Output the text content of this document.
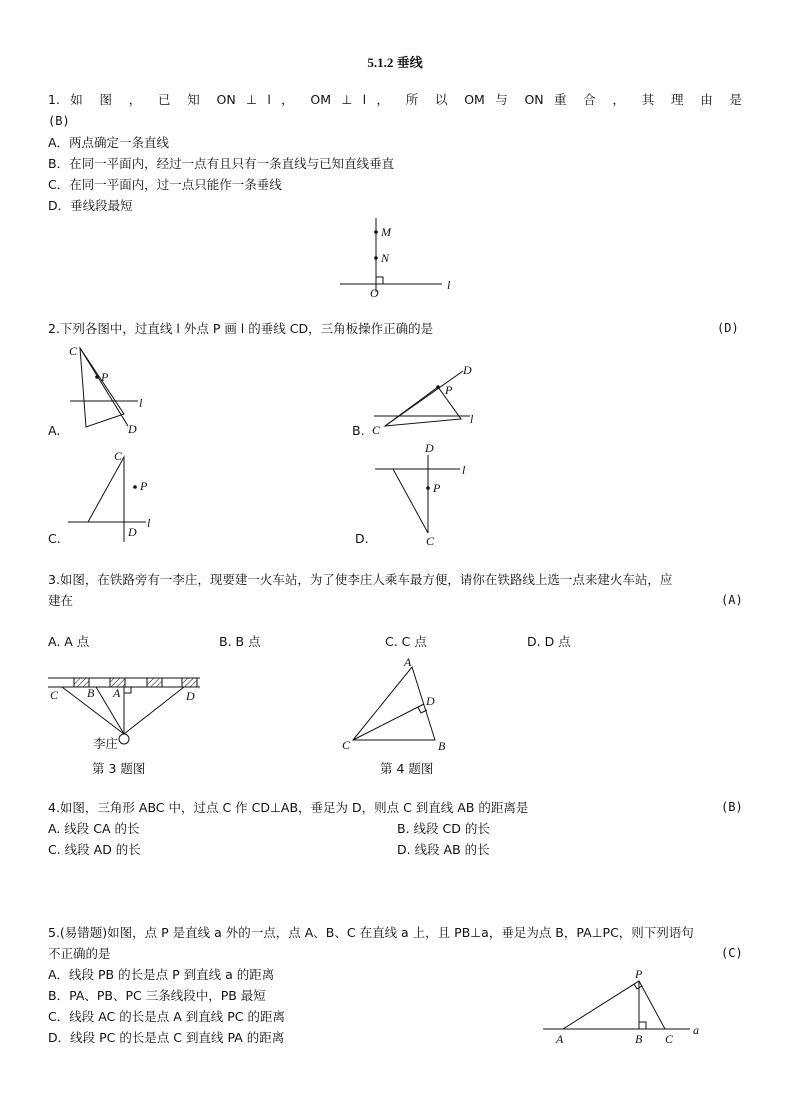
5.1.2 垂线
1. 如 图 ， 已 知 ON ⊥ l ， OM ⊥ l ， 所 以 OM 与 ON 重 合 ， 其 理 由 是
(B)
A．两点确定一条直线
B．在同一平面内，经过一点有且只有一条直线与已知直线垂直
C．在同一平面内，过一点只能作一条垂线
D．垂线段最短
M
N
O
l
2.下列各图中，过直线 l 外点 P 画 l 的垂线 CD，三角板操作正确的是	(D)
C
P
l
D	C
P
l
D
C
P
l
D
D
P
l
C
A.	B.
C.	D.
3.如图，在铁路旁有一李庄，现要建一火车站，为了使李庄人乘车最方便，请你在铁路线上选一点来建火车站，应
建在	(A)
A. A 点	B. B 点	C. C 点	D. D 点
C B A	D
李庄
第 3 题图
A
D
C	B
第 4 题图
4.如图，三角形 ABC 中，过点 C 作 CD⊥AB，垂足为 D，则点 C 到直线 AB 的距离是	(B)
A. 线段 CA 的长	B. 线段 CD 的长
C. 线段 AD 的长	D. 线段 AB 的长
5.(易错题)如图，点 P 是直线 a 外的一点，点 A、B、C 在直线 a 上，且 PB⊥a，垂足为点 B，PA⊥PC，则下列语句
不正确的是	(C)
A．线段 PB 的长是点 P 到直线 a 的距离
B．PA、PB、PC 三条线段中，PB 最短
C．线段 AC 的长是点 A 到直线 PC 的距离
D．线段 PC 的长是点 C 到直线 PA 的距离
P
A	B C
a
